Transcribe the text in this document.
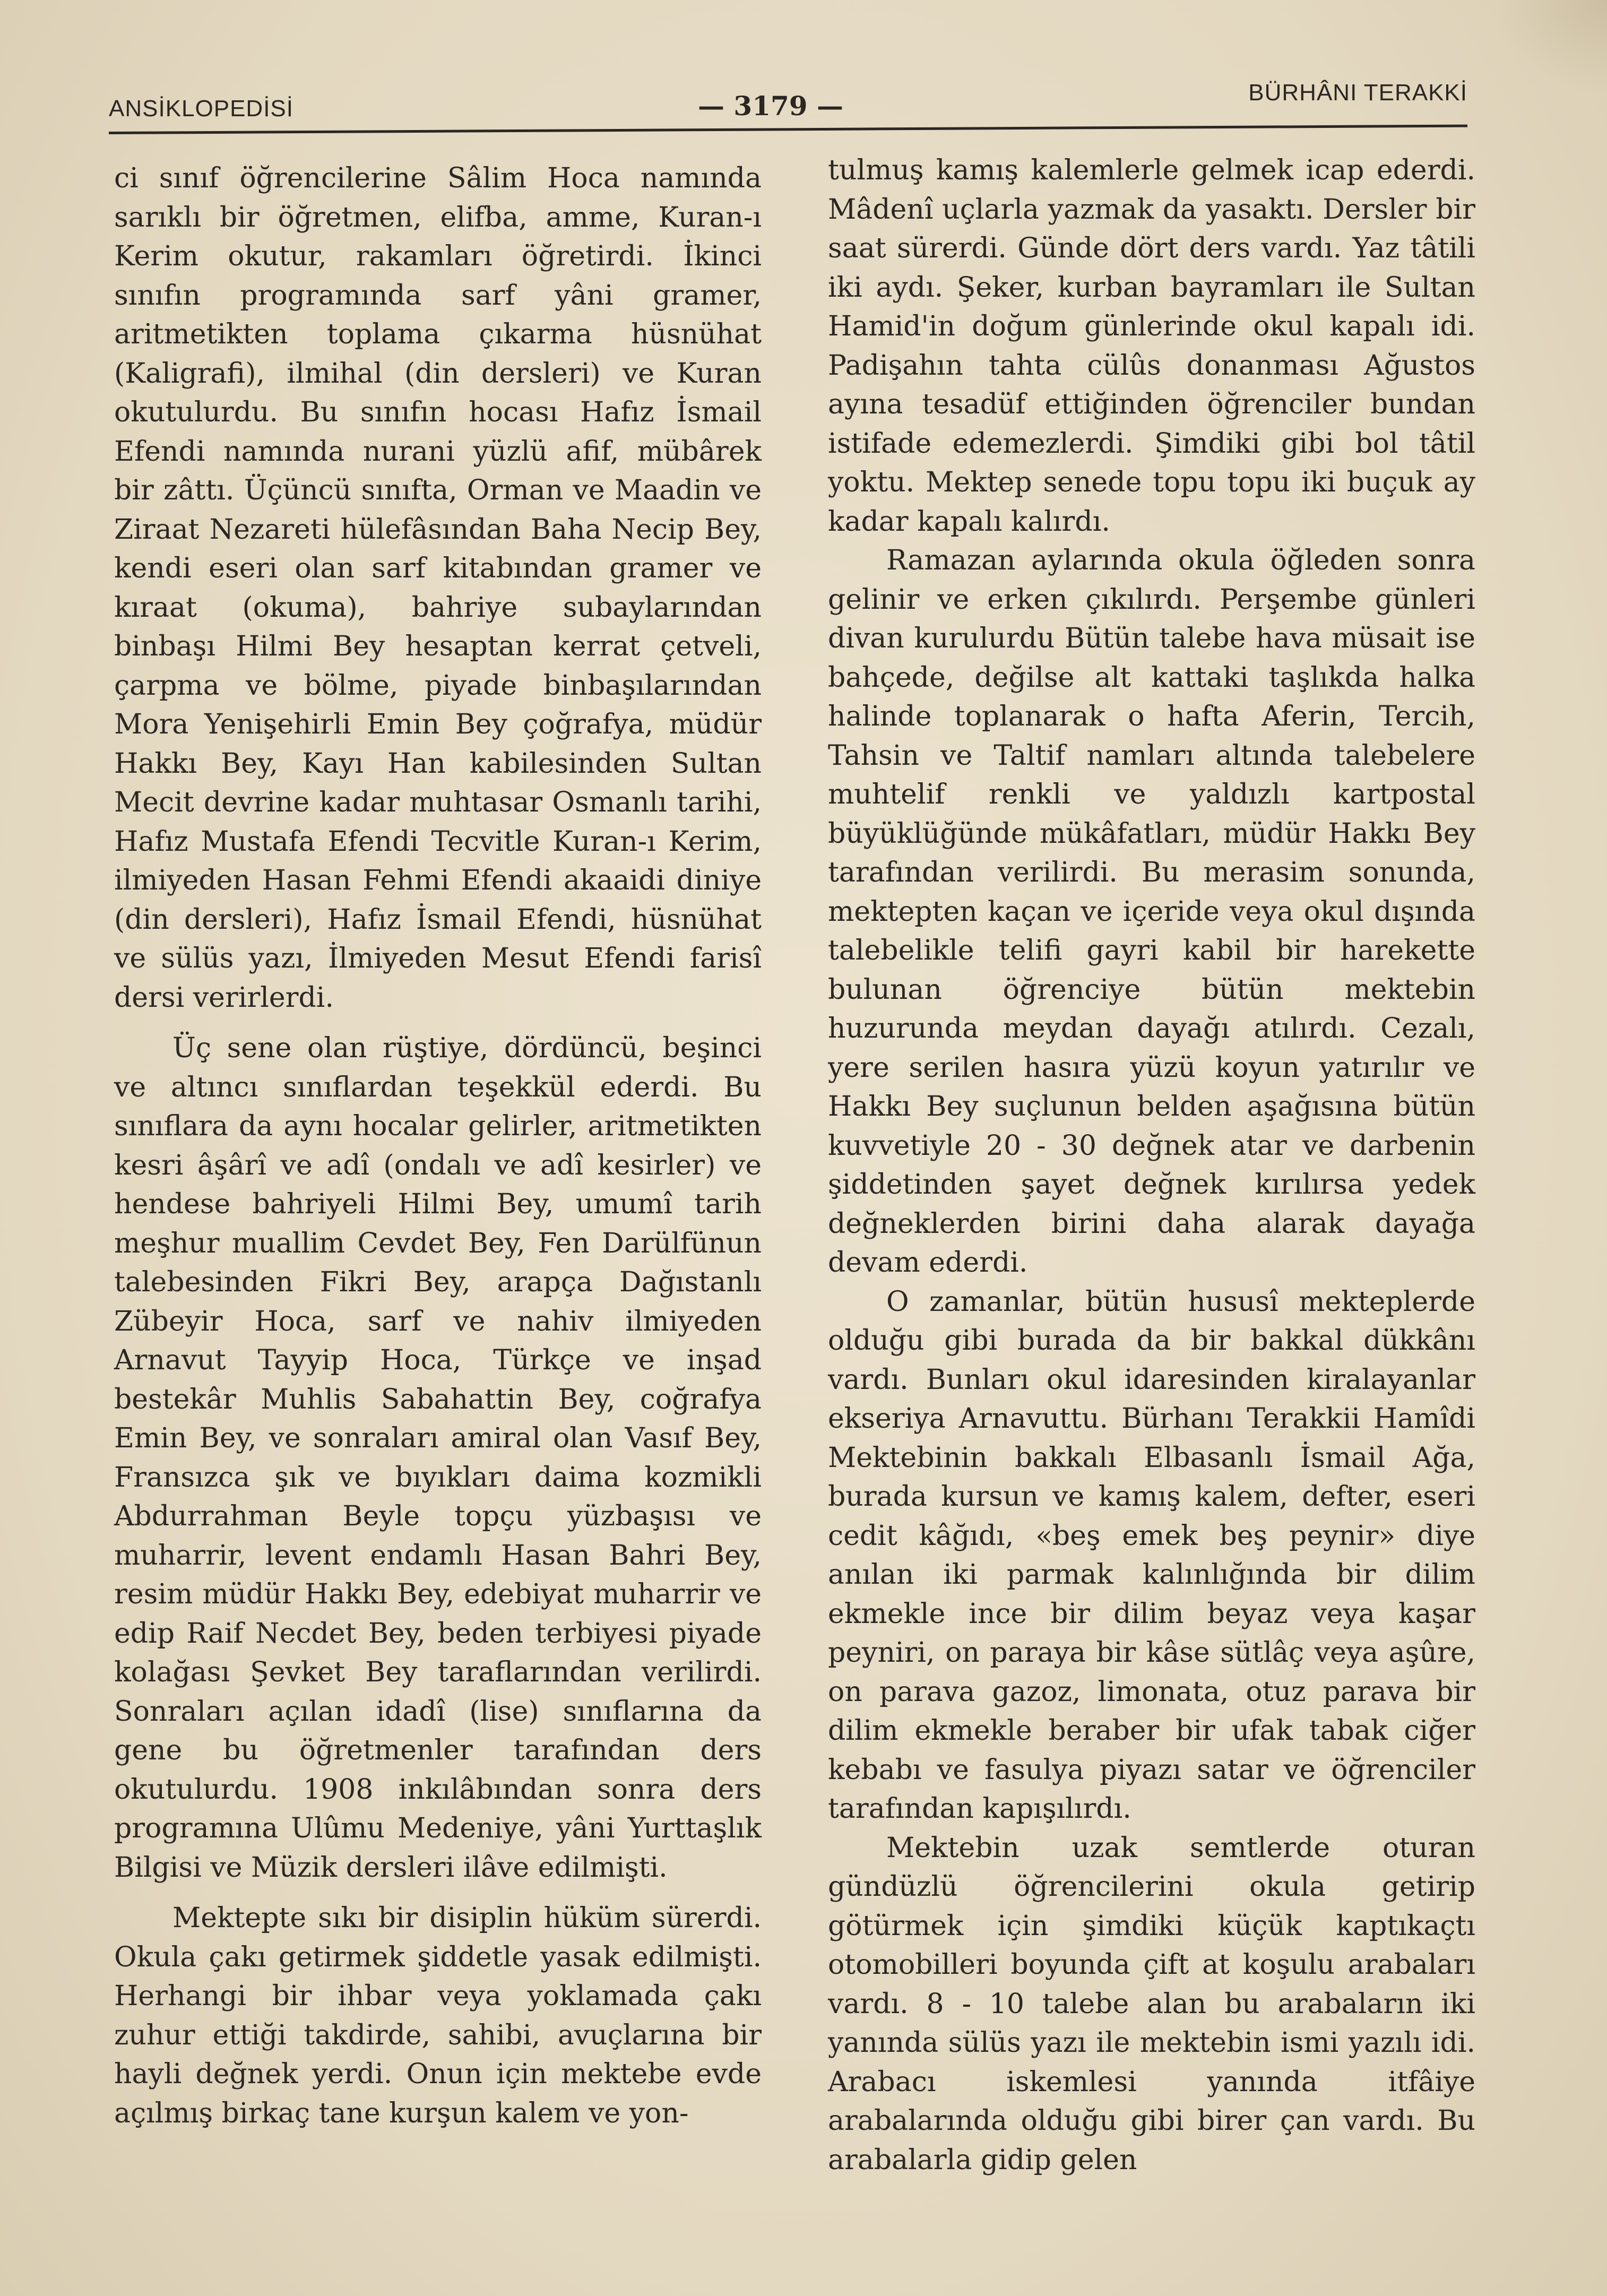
ANSİKLOPEDİSİ	— 3179 —	BÜRHÂNI TERAKKİ

ci sınıf öğrencilerine Sâlim Hoca namında sarıklı bir öğretmen, elifba, amme, Kuran-ı Kerim okutur, rakamları öğretirdi. İkinci sınıfın programında sarf yâni gramer, aritmetikten toplama çıkarma hüsnühat (Kaligrafi), ilmihal (din dersleri) ve Kuran okutulurdu. Bu sınıfın hocası Hafız İsmail Efendi namında nurani yüzlü afif, mübârek bir zâttı. Üçüncü sınıfta, Orman ve Maadin ve Ziraat Nezareti hülefâsından Baha Necip Bey, kendi eseri olan sarf kitabından gramer ve kıraat (okuma), bahriye subaylarından binbaşı Hilmi Bey hesaptan kerrat çetveli, çarpma ve bölme, piyade binbaşılarından Mora Yenişehirli Emin Bey çoğrafya, müdür Hakkı Bey, Kayı Han kabilesinden Sultan Mecit devrine kadar muhtasar Osmanlı tarihi, Hafız Mustafa Efendi Tecvitle Kuran-ı Kerim, ilmiyeden Hasan Fehmi Efendi akaaidi diniye (din dersleri), Hafız İsmail Efendi, hüsnühat ve sülüs yazı, İlmiyeden Mesut Efendi farisî dersi verirlerdi.

Üç sene olan rüştiye, dördüncü, beşinci ve altıncı sınıflardan teşekkül ederdi. Bu sınıflara da aynı hocalar gelirler, aritmetikten kesri âşârî ve adî (ondalı ve adî kesirler) ve hendese bahriyeli Hilmi Bey, umumî tarih meşhur muallim Cevdet Bey, Fen Darülfünun talebesinden Fikri Bey, arapça Dağıstanlı Zübeyir Hoca, sarf ve nahiv ilmiyeden Arnavut Tayyip Hoca, Türkçe ve inşad bestekâr Muhlis Sabahattin Bey, coğrafya Emin Bey, ve sonraları amiral olan Vasıf Bey, Fransızca şık ve bıyıkları daima kozmikli Abdurrahman Beyle topçu yüzbaşısı ve muharrir, levent endamlı Hasan Bahri Bey, resim müdür Hakkı Bey, edebiyat muharrir ve edip Raif Necdet Bey, beden terbiyesi piyade kolağası Şevket Bey taraflarından verilirdi. Sonraları açılan idadî (lise) sınıflarına da gene bu öğretmenler tarafından ders okutulurdu. 1908 inkılâbından sonra ders programına Ulûmu Medeniye, yâni Yurttaşlık Bilgisi ve Müzik dersleri ilâve edilmişti.

Mektepte sıkı bir disiplin hüküm sürerdi. Okula çakı getirmek şiddetle yasak edilmişti. Herhangi bir ihbar veya yoklamada çakı zuhur ettiği takdirde, sahibi, avuçlarına bir hayli değnek yerdi. Onun için mektebe evde açılmış birkaç tane kurşun kalem ve yon-

tulmuş kamış kalemlerle gelmek icap ederdi. Mâdenî uçlarla yazmak da yasaktı. Dersler bir saat sürerdi. Günde dört ders vardı. Yaz tâtili iki aydı. Şeker, kurban bayramları ile Sultan Hamid'in doğum günlerinde okul kapalı idi. Padişahın tahta cülûs donanması Ağustos ayına tesadüf ettiğinden öğrenciler bundan istifade edemezlerdi. Şimdiki gibi bol tâtil yoktu. Mektep senede topu topu iki buçuk ay kadar kapalı kalırdı.

Ramazan aylarında okula öğleden sonra gelinir ve erken çıkılırdı. Perşembe günleri divan kurulurdu Bütün talebe hava müsait ise bahçede, değilse alt kattaki taşlıkda halka halinde toplanarak o hafta Aferin, Tercih, Tahsin ve Taltif namları altında talebelere muhtelif renkli ve yaldızlı kartpostal büyüklüğünde mükâfatları, müdür Hakkı Bey tarafından verilirdi. Bu merasim sonunda, mektepten kaçan ve içeride veya okul dışında talebelikle telifi gayri kabil bir harekette bulunan öğrenciye bütün mektebin huzurunda meydan dayağı atılırdı. Cezalı, yere serilen hasıra yüzü koyun yatırılır ve Hakkı Bey suçlunun belden aşağısına bütün kuvvetiyle 20 - 30 değnek atar ve darbenin şiddetinden şayet değnek kırılırsa yedek değneklerden birini daha alarak dayağa devam ederdi.

O zamanlar, bütün hususî mekteplerde olduğu gibi burada da bir bakkal dükkânı vardı. Bunları okul idaresinden kiralayanlar ekseriya Arnavuttu. Bürhanı Terakkii Hamîdi Mektebinin bakkalı Elbasanlı İsmail Ağa, burada kursun ve kamış kalem, defter, eseri cedit kâğıdı, «beş emek beş peynir» diye anılan iki parmak kalınlığında bir dilim ekmekle ince bir dilim beyaz veya kaşar peyniri, on paraya bir kâse sütlâç veya aşûre, on parava gazoz, limonata, otuz parava bir dilim ekmekle beraber bir ufak tabak ciğer kebabı ve fasulya piyazı satar ve öğrenciler tarafından kapışılırdı.

Mektebin uzak semtlerde oturan gündüzlü öğrencilerini okula getirip götürmek için şimdiki küçük kaptıkaçtı otomobilleri boyunda çift at koşulu arabaları vardı. 8 - 10 talebe alan bu arabaların iki yanında sülüs yazı ile mektebin ismi yazılı idi. Arabacı iskemlesi yanında itfâiye arabalarında olduğu gibi birer çan vardı. Bu arabalarla gidip gelen
